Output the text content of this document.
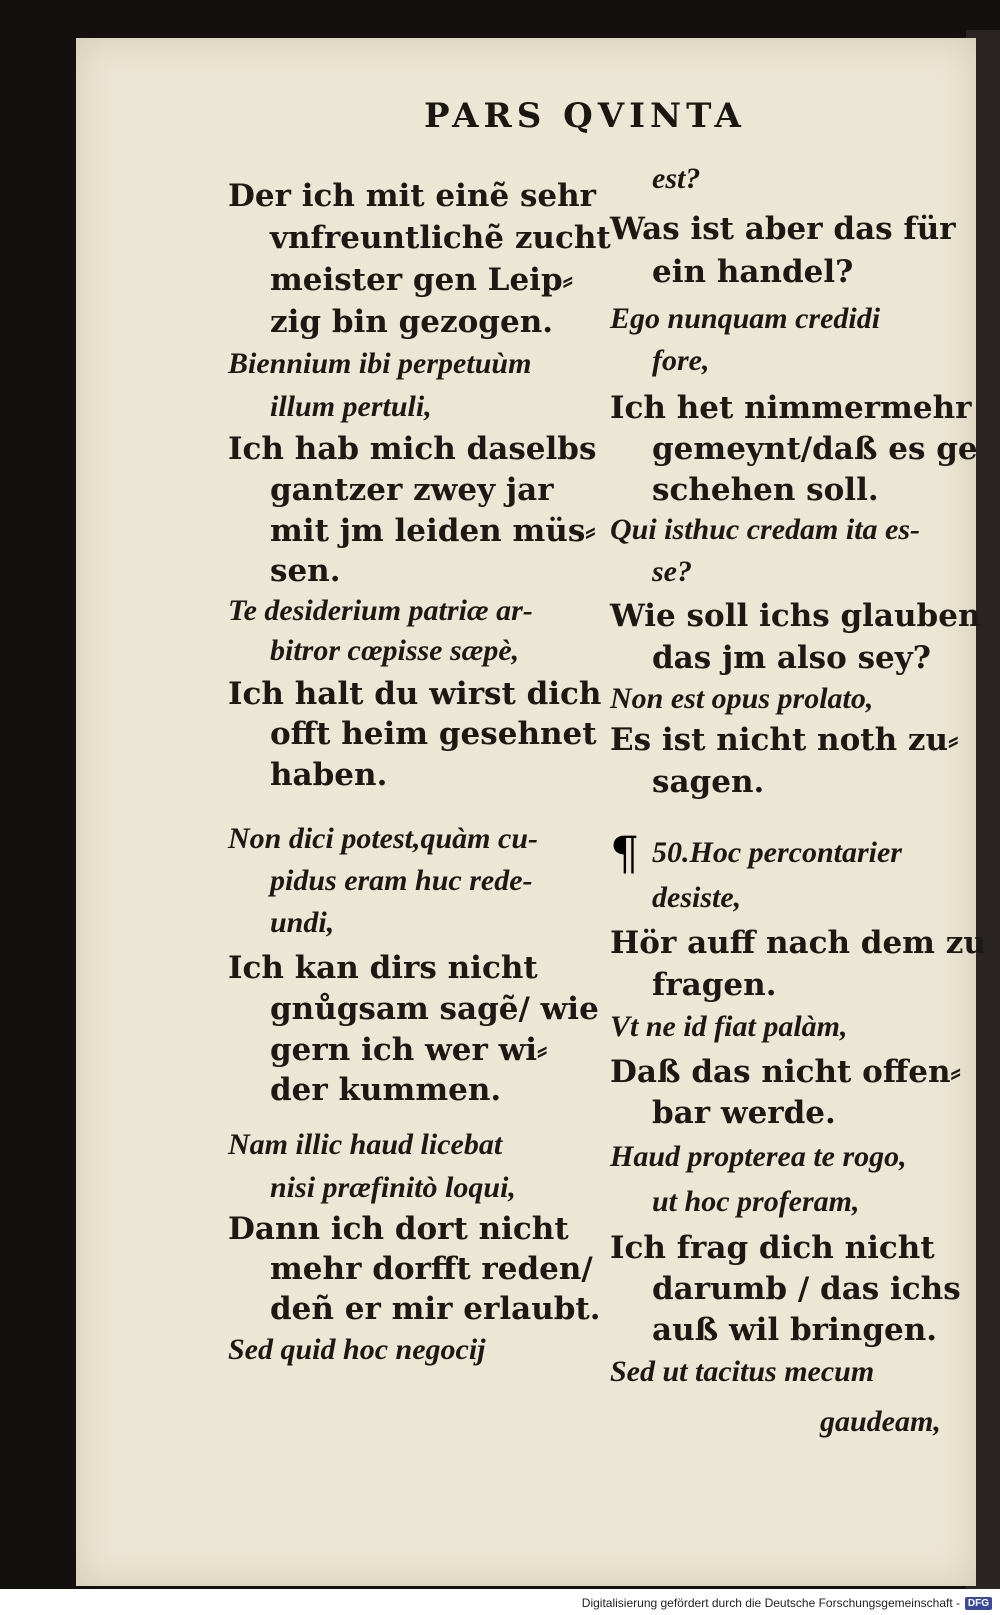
PARS QVINTA
Der ich mit einẽ sehr
vnfreuntlichẽ zucht
meister gen Leip⸗
zig bin gezogen.
Biennium ibi perpetuùm
illum pertuli,
Ich hab mich daselbs
gantzer zwey jar
mit jm leiden müs⸗
sen.
Te desiderium patriæ ar-
bitror cœpisse sæpè,
Ich halt du wirst dich
offt heim gesehnet
haben.
Non dici potest,quàm cu-
pidus eram huc rede-
undi,
Ich kan dirs nicht
gnůgsam sagẽ/ wie
gern ich wer wi⸗
der kummen.
Nam illic haud licebat
nisi præfinitò loqui,
Dann ich dort nicht
mehr dorfft reden/
deñ er mir erlaubt.
Sed quid hoc negocij
est?
Was ist aber das für
ein handel?
Ego nunquam credidi
fore,
Ich het nimmermehr
gemeynt/daß es ge
schehen soll.
Qui isthuc credam ita es-
se?
Wie soll ichs glauben
das jm also sey?
Non est opus prolato,
Es ist nicht noth zu⸗
sagen.
50.Hoc percontarier
¶
desiste,
Hör auff nach dem zu
fragen.
Vt ne id fiat palàm,
Daß das nicht offen⸗
bar werde.
Haud propterea te rogo,
ut hoc proferam,
Ich frag dich nicht
darumb / das ichs
auß wil bringen.
Sed ut tacitus mecum
gaudeam,
Digitalisierung gefördert durch die Deutsche Forschungsgemeinschaft - DFG
